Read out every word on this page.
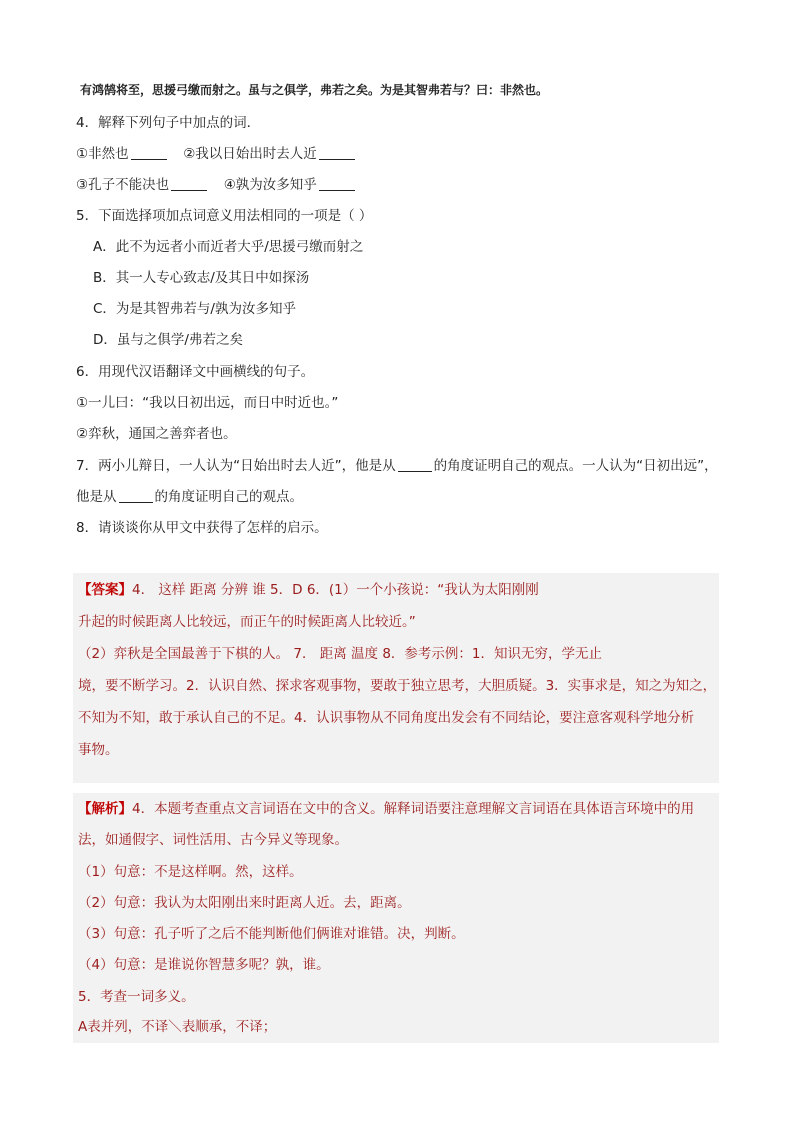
有鸿鹄将至，思援弓缴而射之。虽与之俱学，弗若之矣。为是其智弗若与？曰：非然也。
4．解释下列句子中加点的词．
①非然也	②我以日始出时去人近
③孔子不能决也	④孰为汝多知乎
5．下面选择项加点词意义用法相同的一项是（ ）
A．此不为远者小而近者大乎/思援弓缴而射之
B．其一人专心致志/及其日中如探汤
C．为是其智弗若与/孰为汝多知乎
D．虽与之俱学/弗若之矣
6．用现代汉语翻译文中画横线的句子。
①一儿曰：“我以日初出远，而日中时近也。”
②弈秋，通国之善弈者也。
7．两小儿辩日，一人认为“日始出时去人近”，他是从	的角度证明自己的观点。一人认为“日初出远”，
他是从	的角度证明自己的观点。
8．请谈谈你从甲文中获得了怎样的启示。
【答案】4． 这样 距离 分辨 谁 5．D 6．(1）一个小孩说：“我认为太阳刚刚
升起的时候距离人比较远，而正午的时候距离人比较近。”
（2）弈秋是全国最善于下棋的人。 7． 距离 温度 8．参考示例：1．知识无穷，学无止
境，要不断学习。2．认识自然、探求客观事物，要敢于独立思考，大胆质疑。3．实事求是，知之为知之，
不知为不知，敢于承认自己的不足。4．认识事物从不同角度出发会有不同结论，要注意客观科学地分析
事物。
【解析】4．本题考查重点文言词语在文中的含义。解释词语要注意理解文言词语在具体语言环境中的用
法，如通假字、词性活用、古今异义等现象。
（1）句意：不是这样啊。然，这样。
（2）句意：我认为太阳刚出来时距离人近。去，距离。
（3）句意：孔子听了之后不能判断他们俩谁对谁错。决，判断。
（4）句意：是谁说你智慧多呢？孰，谁。
5．考查一词多义。
A表并列，不译＼表顺承，不译；
